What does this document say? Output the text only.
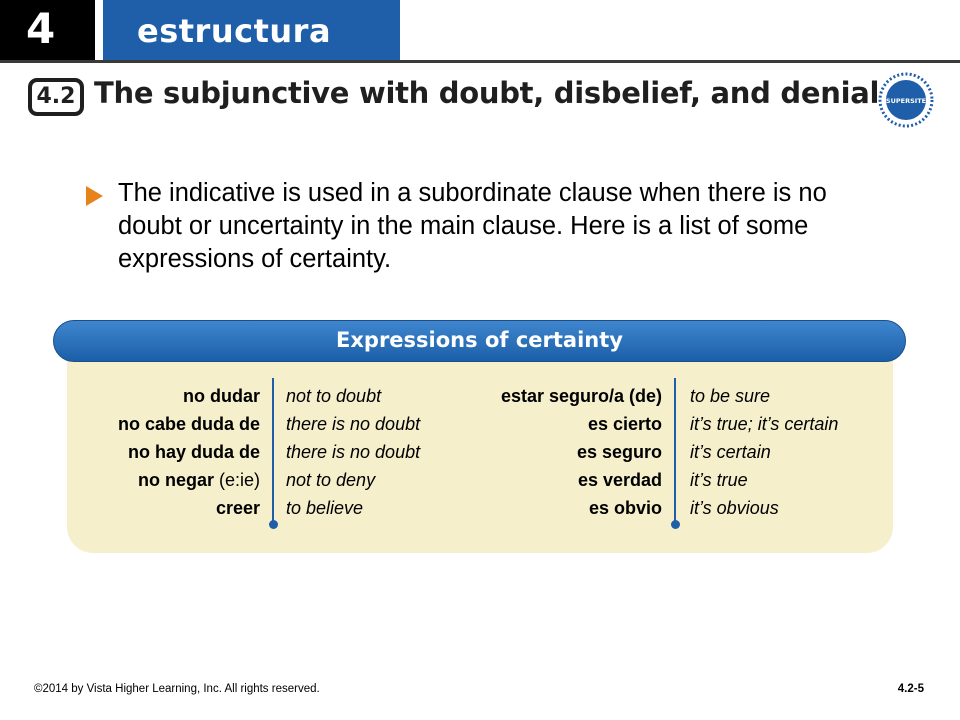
4	estructura
4.2 The subjunctive with doubt, disbelief, and denial SUPERSITE
The indicative is used in a subordinate clause when there is no doubt or uncertainty in the main clause. Here is a list of some expressions of certainty.
Expressions of certainty
no dudar not to doubt
no cabe duda de there is no doubt
no hay duda de there is no doubt
no negar (e:ie) not to deny
creer to believe
estar seguro/a (de) to be sure
es cierto it’s true; it’s certain
es seguro it’s certain
es verdad it’s true
es obvio it’s obvious
©2014 by Vista Higher Learning, Inc. All rights reserved.	4.2-5
